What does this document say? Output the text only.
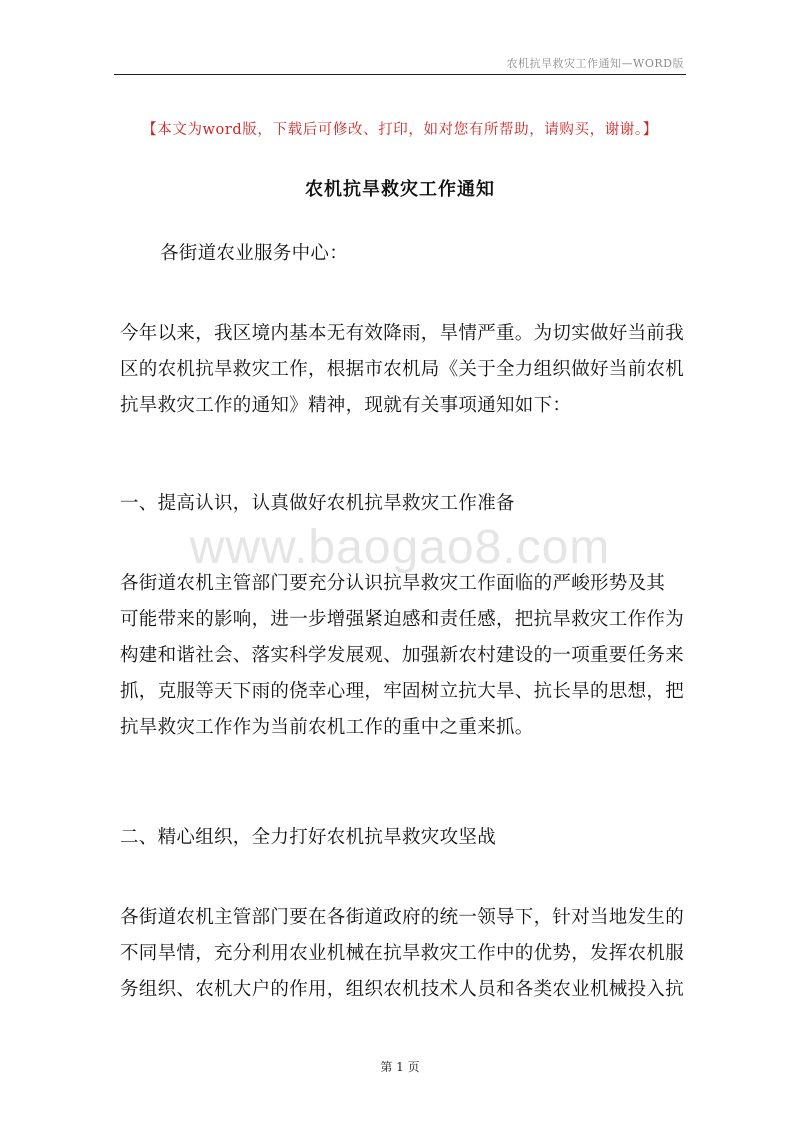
农机抗旱救灾工作通知—WORD版
【本文为word版，下载后可修改、打印，如对您有所帮助，请购买，谢谢。】
农机抗旱救灾工作通知

各街道农业服务中心：

今年以来，我区境内基本无有效降雨，旱情严重。为切实做好当前我
区的农机抗旱救灾工作，根据市农机局《关于全力组织做好当前农机
抗旱救灾工作的通知》精神，现就有关事项通知如下：

一、提高认识，认真做好农机抗旱救灾工作准备

www.baogao8.com

各街道农机主管部门要充分认识抗旱救灾工作面临的严峻形势及其
可能带来的影响，进一步增强紧迫感和责任感，把抗旱救灾工作作为
构建和谐社会、落实科学发展观、加强新农村建设的一项重要任务来
抓，克服等天下雨的侥幸心理，牢固树立抗大旱、抗长旱的思想，把
抗旱救灾工作作为当前农机工作的重中之重来抓。

二、精心组织，全力打好农机抗旱救灾攻坚战

各街道农机主管部门要在各街道政府的统一领导下，针对当地发生的
不同旱情，充分利用农业机械在抗旱救灾工作中的优势，发挥农机服
务组织、农机大户的作用，组织农机技术人员和各类农业机械投入抗

第 1 页
